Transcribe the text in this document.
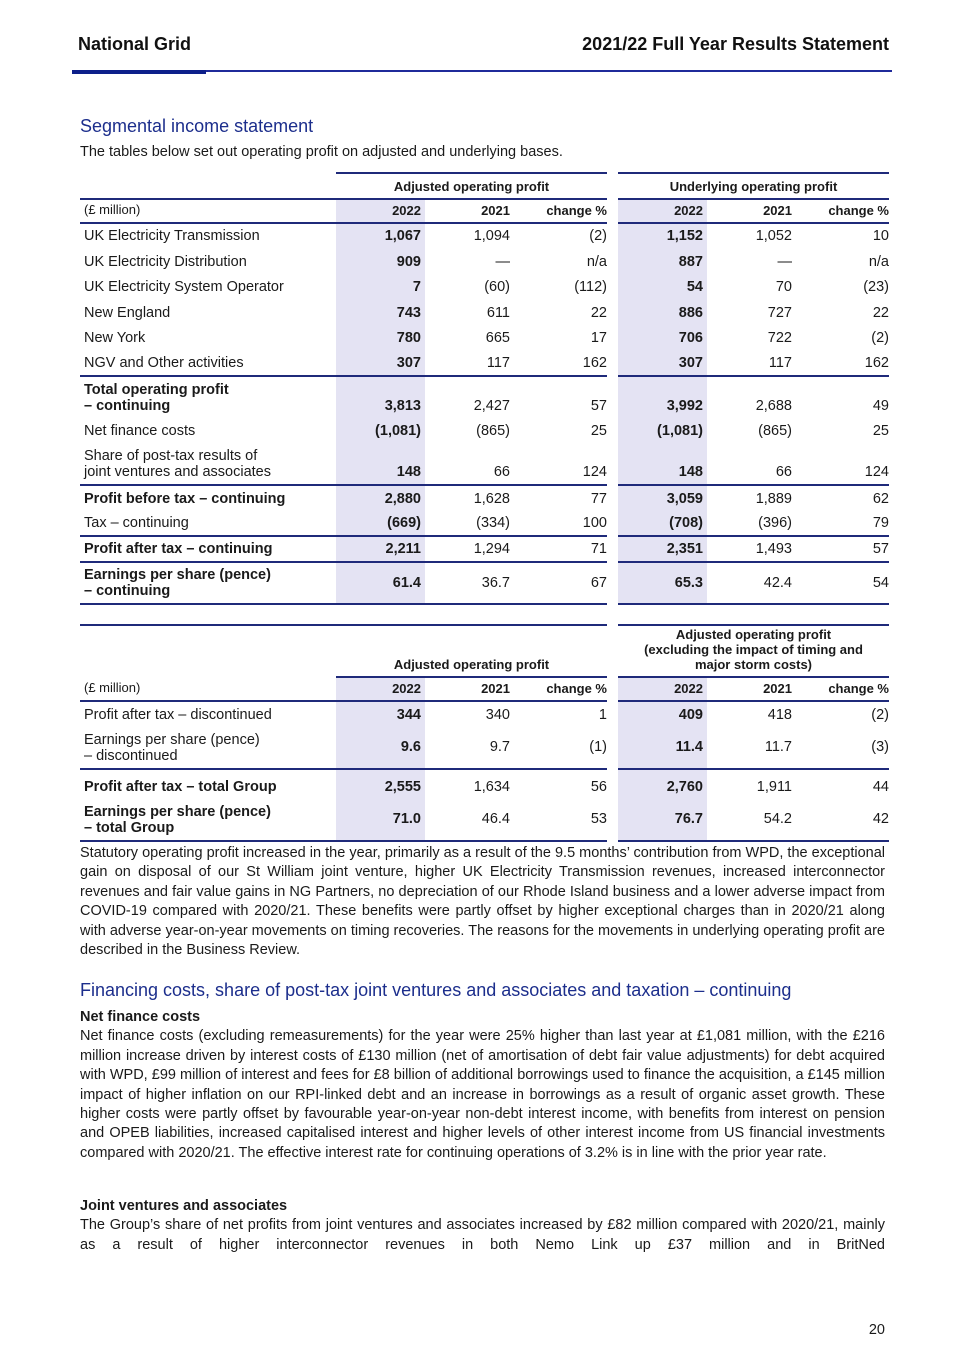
National Grid	2021/22 Full Year Results Statement
Segmental income statement
The tables below set out operating profit on adjusted and underlying bases.
	Adjusted operating profit				Underlying operating profit		
(£ million)	2022	2021	change %		2022	2021	change %
UK Electricity Transmission	1,067	1,094	(2)		1,152	1,052	10
UK Electricity Distribution	909	—	n/a		887	—	n/a
UK Electricity System Operator	7	(60)	(112)		54	70	(23)
New England	743	611	22		886	727	22
New York	780	665	17		706	722	(2)
NGV and Other activities	307	117	162		307	117	162
Total operating profit
– continuing	3,813	2,427	57		3,992	2,688	49
Net finance costs	(1,081)	(865)	25		(1,081)	(865)	25
Share of post-tax results of
joint ventures and associates	148	66	124		148	66	124
Profit before tax – continuing	2,880	1,628	77		3,059	1,889	62
Tax – continuing	(669)	(334)	100		(708)	(396)	79
Profit after tax – continuing	2,211	1,294	71		2,351	1,493	57
Earnings per share (pence)
– continuing	61.4	36.7	67		65.3	42.4	54
	Adjusted operating profit				Adjusted operating profit
(excluding the impact of timing and
major storm costs)		
(£ million)	2022	2021	change %		2022	2021	change %
Profit after tax – discontinued	344	340	1		409	418	(2)
Earnings per share (pence)
– discontinued	9.6	9.7	(1)		11.4	11.7	(3)
Profit after tax – total Group	2,555	1,634	56		2,760	1,911	44
Earnings per share (pence)
– total Group	71.0	46.4	53		76.7	54.2	42
Statutory operating profit increased in the year, primarily as a result of the 9.5 months’ contribution from WPD, the exceptional gain on disposal of our St William joint venture, higher UK Electricity Transmission revenues, increased interconnector revenues and fair value gains in NG Partners, no depreciation of our Rhode Island business and a lower adverse impact from COVID-19 compared with 2020/21. These benefits were partly offset by higher exceptional charges than in 2020/21 along with adverse year-on-year movements on timing recoveries. The reasons for the movements in underlying operating profit are described in the Business Review.
Financing costs, share of post-tax joint ventures and associates and taxation – continuing
Net finance costs
Net finance costs (excluding remeasurements) for the year were 25% higher than last year at £1,081 million, with the £216 million increase driven by interest costs of £130 million (net of amortisation of debt fair value adjustments) for debt acquired with WPD, £99 million of interest and fees for £8 billion of additional borrowings used to finance the acquisition, a £145 million impact of higher inflation on our RPI-linked debt and an increase in borrowings as a result of organic asset growth. These higher costs were partly offset by favourable year-on-year non-debt interest income, with benefits from interest on pension and OPEB liabilities, increased capitalised interest and higher levels of other interest income from US financial investments compared with 2020/21. The effective interest rate for continuing operations of 3.2% is in line with the prior year rate.
Joint ventures and associates
The Group’s share of net profits from joint ventures and associates increased by £82 million compared with 2020/21, mainly as a result of higher interconnector revenues in both Nemo Link up £37 million and in BritNed
20
